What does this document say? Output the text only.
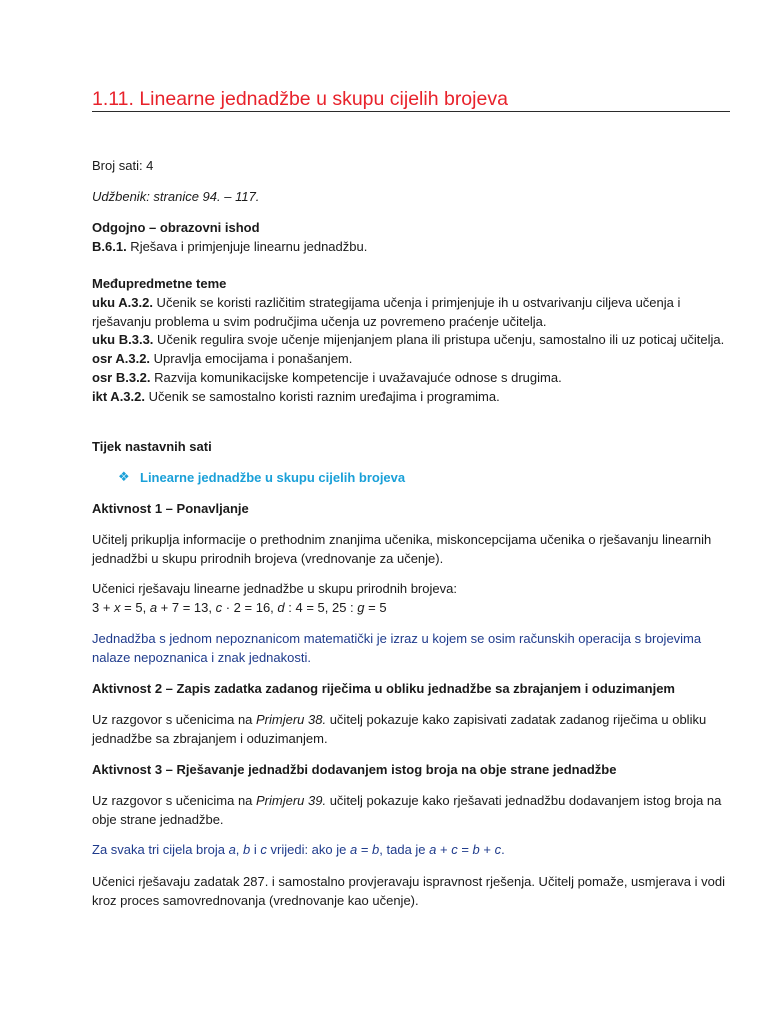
1.11. Linearne jednadžbe u skupu cijelih brojeva
Broj sati: 4
Udžbenik: stranice 94. – 117.
Odgojno – obrazovni ishod
B.6.1. Rješava i primjenjuje linearnu jednadžbu.
Međupredmetne teme
uku A.3.2. Učenik se koristi različitim strategijama učenja i primjenjuje ih u ostvarivanju ciljeva učenja i
rješavanju problema u svim područjima učenja uz povremeno praćenje učitelja.
uku B.3.3. Učenik regulira svoje učenje mijenjanjem plana ili pristupa učenju, samostalno ili uz poticaj učitelja.
osr A.3.2. Upravlja emocijama i ponašanjem.
osr B.3.2. Razvija komunikacijske kompetencije i uvažavajuće odnose s drugima.
ikt A.3.2. Učenik se samostalno koristi raznim uređajima i programima.
Tijek nastavnih sati
❖ Linearne jednadžbe u skupu cijelih brojeva
Aktivnost 1 – Ponavljanje
Učitelj prikuplja informacije o prethodnim znanjima učenika, miskoncepcijama učenika o rješavanju linearnih
jednadžbi u skupu prirodnih brojeva (vrednovanje za učenje).
Učenici rješavaju linearne jednadžbe u skupu prirodnih brojeva:
3 + x = 5, a + 7 = 13, c · 2 = 16, d : 4 = 5, 25 : g = 5
Jednadžba s jednom nepoznanicom matematički je izraz u kojem se osim računskih operacija s brojevima
nalaze nepoznanica i znak jednakosti.
Aktivnost 2 – Zapis zadatka zadanog riječima u obliku jednadžbe sa zbrajanjem i oduzimanjem
Uz razgovor s učenicima na Primjeru 38. učitelj pokazuje kako zapisivati zadatak zadanog riječima u obliku
jednadžbe sa zbrajanjem i oduzimanjem.
Aktivnost 3 – Rješavanje jednadžbi dodavanjem istog broja na obje strane jednadžbe
Uz razgovor s učenicima na Primjeru 39. učitelj pokazuje kako rješavati jednadžbu dodavanjem istog broja na
obje strane jednadžbe.
Za svaka tri cijela broja a, b i c vrijedi: ako je a = b, tada je a + c = b + c.
Učenici rješavaju zadatak 287. i samostalno provjeravaju ispravnost rješenja. Učitelj pomaže, usmjerava i vodi
kroz proces samovrednovanja (vrednovanje kao učenje).
